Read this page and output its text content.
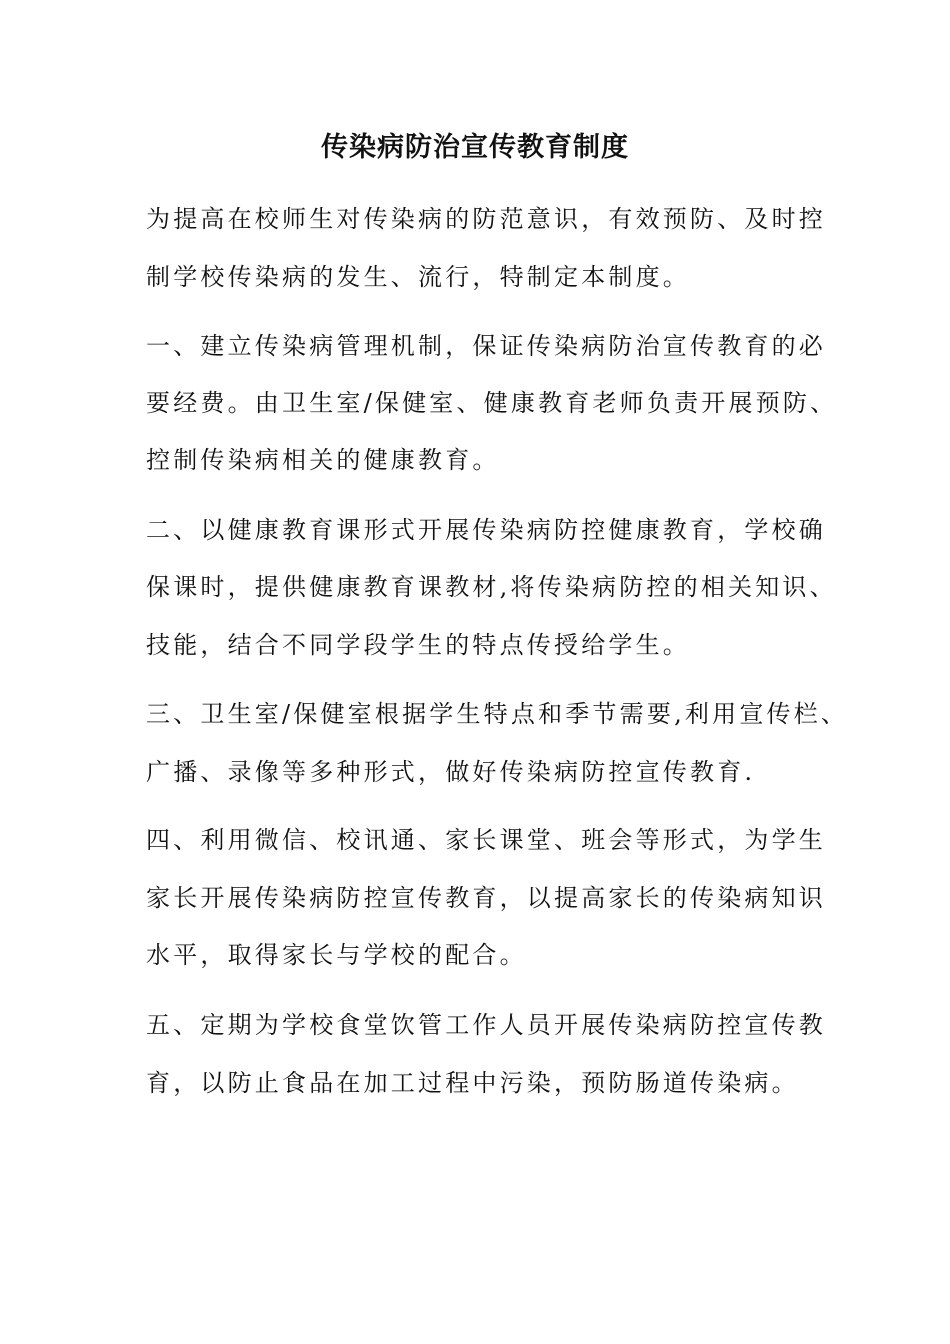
传染病防治宣传教育制度

为提高在校师生对传染病的防范意识，有效预防、及时控

制学校传染病的发生、流行，特制定本制度。

一、建立传染病管理机制，保证传染病防治宣传教育的必

要经费。由卫生室/保健室、健康教育老师负责开展预防、

控制传染病相关的健康教育。

二、以健康教育课形式开展传染病防控健康教育，学校确

保课时，提供健康教育课教材,将传染病防控的相关知识、

技能，结合不同学段学生的特点传授给学生。

三、卫生室/保健室根据学生特点和季节需要,利用宣传栏、

广播、录像等多种形式，做好传染病防控宣传教育.

四、利用微信、校讯通、家长课堂、班会等形式，为学生

家长开展传染病防控宣传教育，以提高家长的传染病知识

水平，取得家长与学校的配合。

五、定期为学校食堂饮管工作人员开展传染病防控宣传教

育，以防止食品在加工过程中污染，预防肠道传染病。
